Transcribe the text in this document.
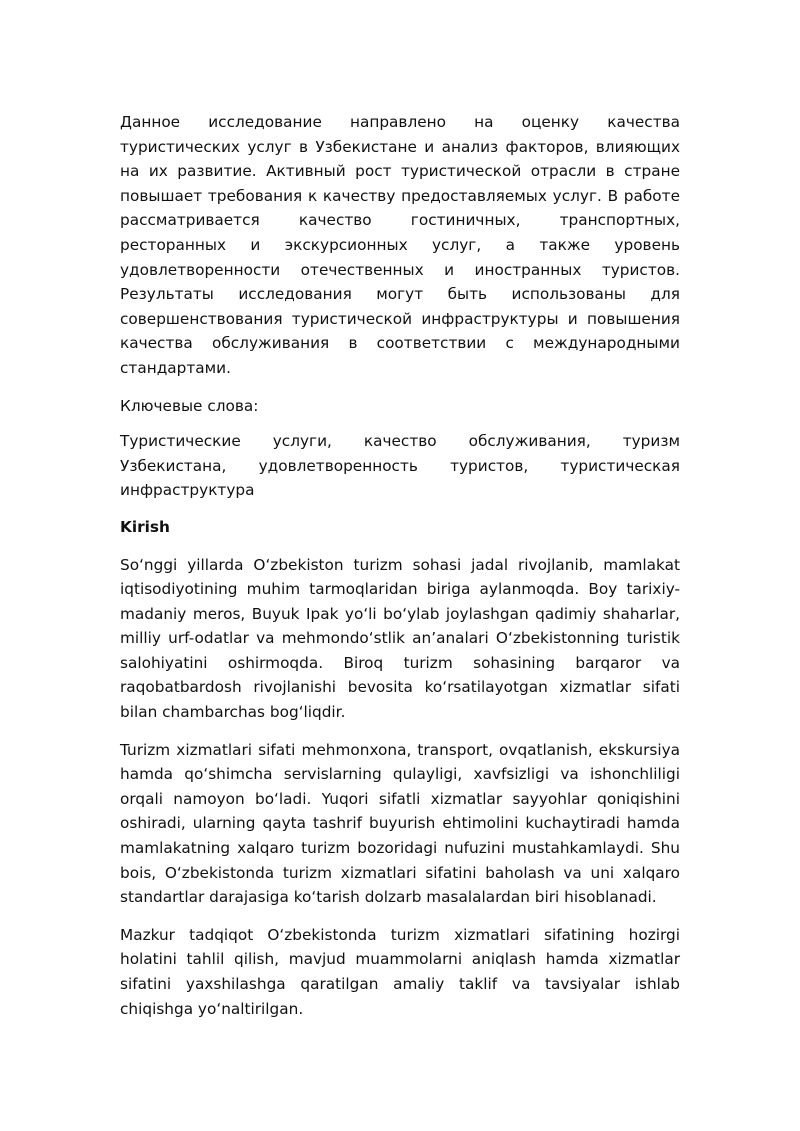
Данное исследование направлено на оценку качества туристических услуг в Узбекистане и анализ факторов, влияющих на их развитие. Активный рост туристической отрасли в стране повышает требования к качеству предоставляемых услуг. В работе рассматривается качество гостиничных, транспортных, ресторанных и экскурсионных услуг, а также уровень удовлетворенности отечественных и иностранных туристов. Результаты исследования могут быть использованы для совершенствования туристической инфраструктуры и повышения качества обслуживания в соответствии с международными стандартами.

Ключевые слова:

Туристические услуги, качество обслуживания, туризм Узбекистана, удовлетворенность туристов, туристическая инфраструктура

Kirish

Soʻnggi yillarda Oʻzbekiston turizm sohasi jadal rivojlanib, mamlakat iqtisodiyotining muhim tarmoqlaridan biriga aylanmoqda. Boy tarixiy-madaniy meros, Buyuk Ipak yoʻli boʻylab joylashgan qadimiy shaharlar, milliy urf-odatlar va mehmondoʻstlik anʼanalari Oʻzbekistonning turistik salohiyatini oshirmoqda. Biroq turizm sohasining barqaror va raqobatbardosh rivojlanishi bevosita koʻrsatilayotgan xizmatlar sifati bilan chambarchas bogʻliqdir.

Turizm xizmatlari sifati mehmonxona, transport, ovqatlanish, ekskursiya hamda qoʻshimcha servislarning qulayligi, xavfsizligi va ishonchliligi orqali namoyon boʻladi. Yuqori sifatli xizmatlar sayyohlar qoniqishini oshiradi, ularning qayta tashrif buyurish ehtimolini kuchaytiradi hamda mamlakatning xalqaro turizm bozoridagi nufuzini mustahkamlaydi. Shu bois, Oʻzbekistonda turizm xizmatlari sifatini baholash va uni xalqaro standartlar darajasiga koʻtarish dolzarb masalalardan biri hisoblanadi.

Mazkur tadqiqot Oʻzbekistonda turizm xizmatlari sifatining hozirgi holatini tahlil qilish, mavjud muammolarni aniqlash hamda xizmatlar sifatini yaxshilashga qaratilgan amaliy taklif va tavsiyalar ishlab chiqishga yoʻnaltirilgan.
